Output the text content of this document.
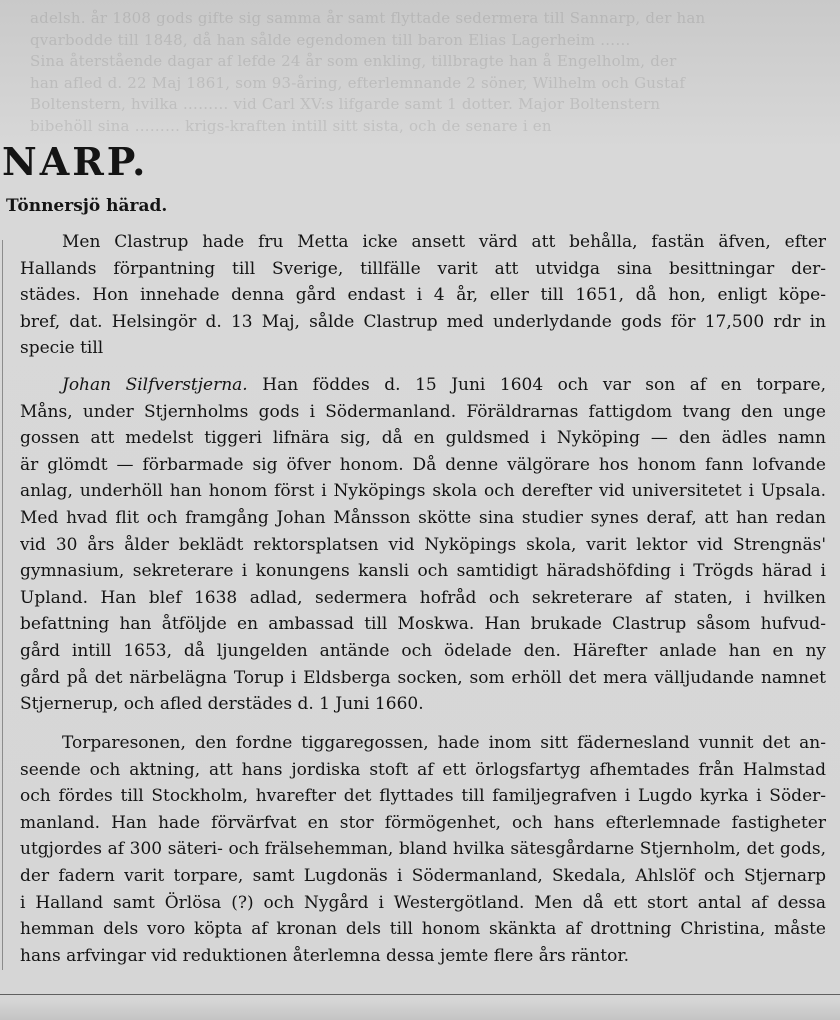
adelsh. år 1808 gods gifte sig samma år samt flyttade sedermera till Sannarp, der han
qvarbodde till 1848, då han sålde egendomen till baron Elias Lagerheim ……
Sina återstående dagar af lefde 24 år som enkling, tillbragte han å Engelholm, der
han afled d. 22 Maj 1861, som 93-åring, efterlemnande 2 söner, Wilhelm och Gustaf
Boltenstern, hvilka ……… vid Carl XV:s lifgarde samt 1 dotter. Major Boltenstern
bibehöll sina ……… krigs-kraften intill sitt sista, och de senare i en
NARP.
Tönnersjö härad.
Men Clastrup hade fru Metta icke ansett värd att behålla, fastän äfven, efter
Hallands förpantning till Sverige, tillfälle varit att utvidga sina besittningar der-
städes. Hon innehade denna gård endast i 4 år, eller till 1651, då hon, enligt köpe-
bref, dat. Helsingör d. 13 Maj, sålde Clastrup med underlydande gods för 17,500 rdr in
specie till
Johan Silfverstjerna. Han föddes d. 15 Juni 1604 och var son af en torpare,
Måns, under Stjernholms gods i Södermanland. Föräldrarnas fattigdom tvang den unge
gossen att medelst tiggeri lifnära sig, då en guldsmed i Nyköping — den ädles namn
är glömdt — förbarmade sig öfver honom. Då denne välgörare hos honom fann lofvande
anlag, underhöll han honom först i Nyköpings skola och derefter vid universitetet i Upsala.
Med hvad flit och framgång Johan Månsson skötte sina studier synes deraf, att han redan
vid 30 års ålder beklädt rektorsplatsen vid Nyköpings skola, varit lektor vid Strengnäs'
gymnasium, sekreterare i konungens kansli och samtidigt häradshöfding i Trögds härad i
Upland. Han blef 1638 adlad, sedermera hofråd och sekreterare af staten, i hvilken
befattning han åtföljde en ambassad till Moskwa. Han brukade Clastrup såsom hufvud-
gård intill 1653, då ljungelden antände och ödelade den. Härefter anlade han en ny
gård på det närbelägna Torup i Eldsberga socken, som erhöll det mera välljudande namnet
Stjernerup, och afled derstädes d. 1 Juni 1660.
Torparesonen, den fordne tiggaregossen, hade inom sitt fädernesland vunnit det an-
seende och aktning, att hans jordiska stoft af ett örlogsfartyg afhemtades från Halmstad
och fördes till Stockholm, hvarefter det flyttades till familjegrafven i Lugdo kyrka i Söder-
manland. Han hade förvärfvat en stor förmögenhet, och hans efterlemnade fastigheter
utgjordes af 300 säteri- och frälsehemman, bland hvilka sätesgårdarne Stjernholm, det gods,
der fadern varit torpare, samt Lugdonäs i Södermanland, Skedala, Ahlslöf och Stjernarp
i Halland samt Örlösa (?) och Nygård i Westergötland. Men då ett stort antal af dessa
hemman dels voro köpta af kronan dels till honom skänkta af drottning Christina, måste
hans arfvingar vid reduktionen återlemna dessa jemte flere års räntor.
